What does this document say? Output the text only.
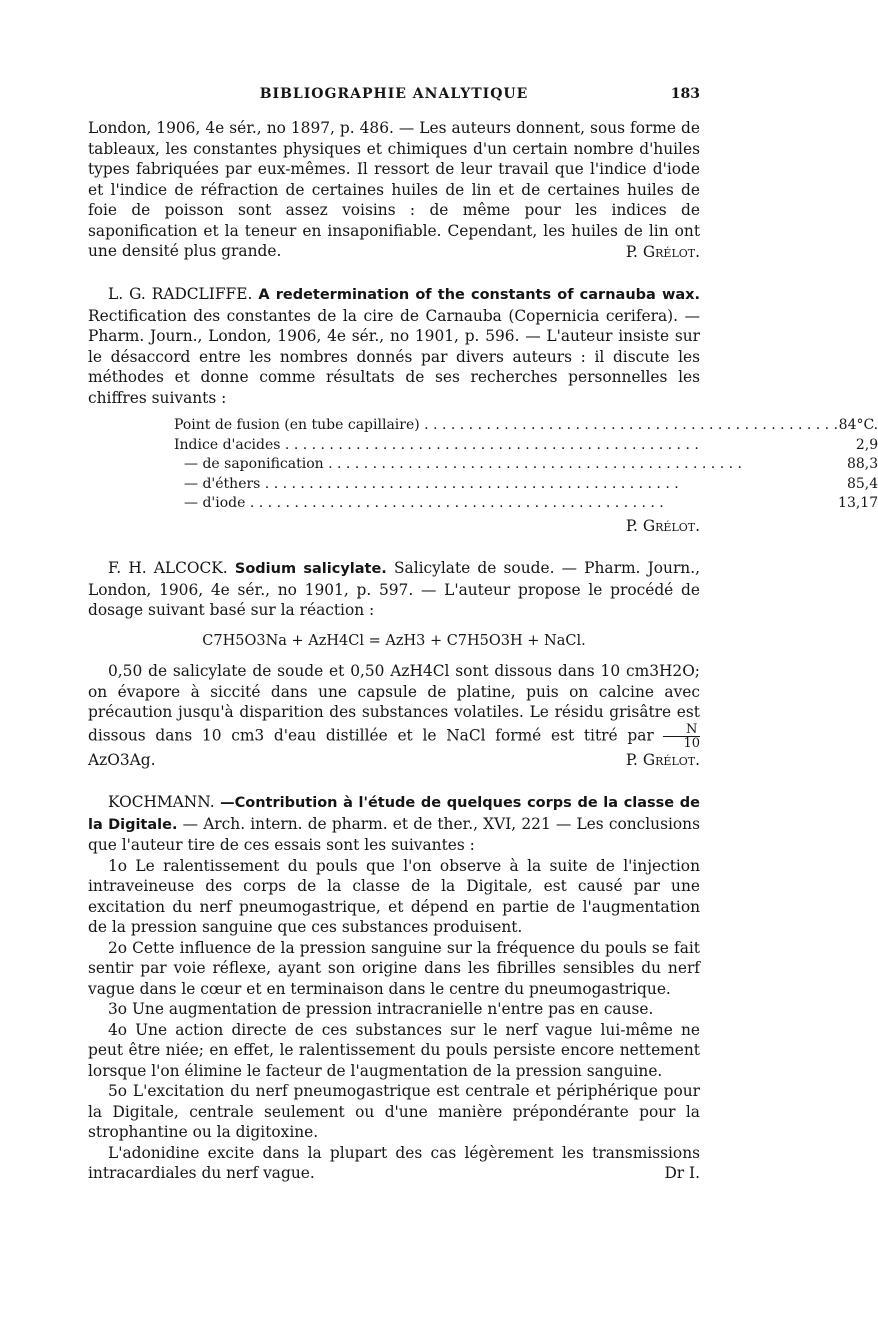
BIBLIOGRAPHIE ANALYTIQUE	183

London, 1906, 4e sér., no 1897, p. 486. — Les auteurs donnent, sous forme de tableaux, les constantes physiques et chimiques d'un certain nombre d'huiles types fabriquées par eux-mêmes. Il ressort de leur travail que l'indice d'iode et l'indice de réfraction de certaines huiles de lin et de certaines huiles de foie de poisson sont assez voisins : de même pour les indices de saponification et la teneur en insaponifiable. Cependant, les huiles de lin ont une densité plus grande.	P. Grélot.

L. G. RADCLIFFE. A redetermination of the constants of carnauba wax. Rectification des constantes de la cire de Carnauba (Copernicia cerifera). — Pharm. Journ., London, 1906, 4e sér., no 1901, p. 596. — L'auteur insiste sur le désaccord entre les nombres donnés par divers auteurs : il discute les méthodes et donne comme résultats de ses recherches personnelles les chiffres suivants :

Point de fusion (en tube capillaire) . . .	84°C.
Indice d'acides . . .	2,9
— de saponification . . .	88,3
— d'éthers . . .	85,4
— d'iode . . .	13,17

P. Grélot.

F. H. ALCOCK. Sodium salicylate. Salicylate de soude. — Pharm. Journ., London, 1906, 4e sér., no 1901, p. 597. — L'auteur propose le procédé de dosage suivant basé sur la réaction :

C7H5O3Na + AzH4Cl = AzH3 + C7H5O3H + NaCl.

0,50 de salicylate de soude et 0,50 AzH4Cl sont dissous dans 10 cm3H2O; on évapore à siccité dans une capsule de platine, puis on calcine avec précaution jusqu'à disparition des substances volatiles. Le résidu grisâtre est dissous dans 10 cm3 d'eau distillée et le NaCl formé est titré par $\frac{N}{10}$
AzO3Ag.	P. Grélot.

KOCHMANN. —Contribution à l'étude de quelques corps de la classe de la Digitale. — Arch. intern. de pharm. et de ther., XVI, 221 — Les conclusions que l'auteur tire de ces essais sont les suivantes :

1o Le ralentissement du pouls que l'on observe à la suite de l'injection intraveineuse des corps de la classe de la Digitale, est causé par une excitation du nerf pneumogastrique, et dépend en partie de l'augmentation de la pression sanguine que ces substances produisent.

2o Cette influence de la pression sanguine sur la fréquence du pouls se fait sentir par voie réflexe, ayant son origine dans les fibrilles sensibles du nerf vague dans le cœur et en terminaison dans le centre du pneumogastrique.

3o Une augmentation de pression intracranielle n'entre pas en cause.

4o Une action directe de ces substances sur le nerf vague lui-même ne peut être niée; en effet, le ralentissement du pouls persiste encore nettement lorsque l'on élimine le facteur de l'augmentation de la pression sanguine.

5o L'excitation du nerf pneumogastrique est centrale et périphérique pour la Digitale, centrale seulement ou d'une manière prépondérante pour la strophantine ou la digitoxine.

L'adonidine excite dans la plupart des cas légèrement les transmissions intracardiales du nerf vague.	Dr I.
